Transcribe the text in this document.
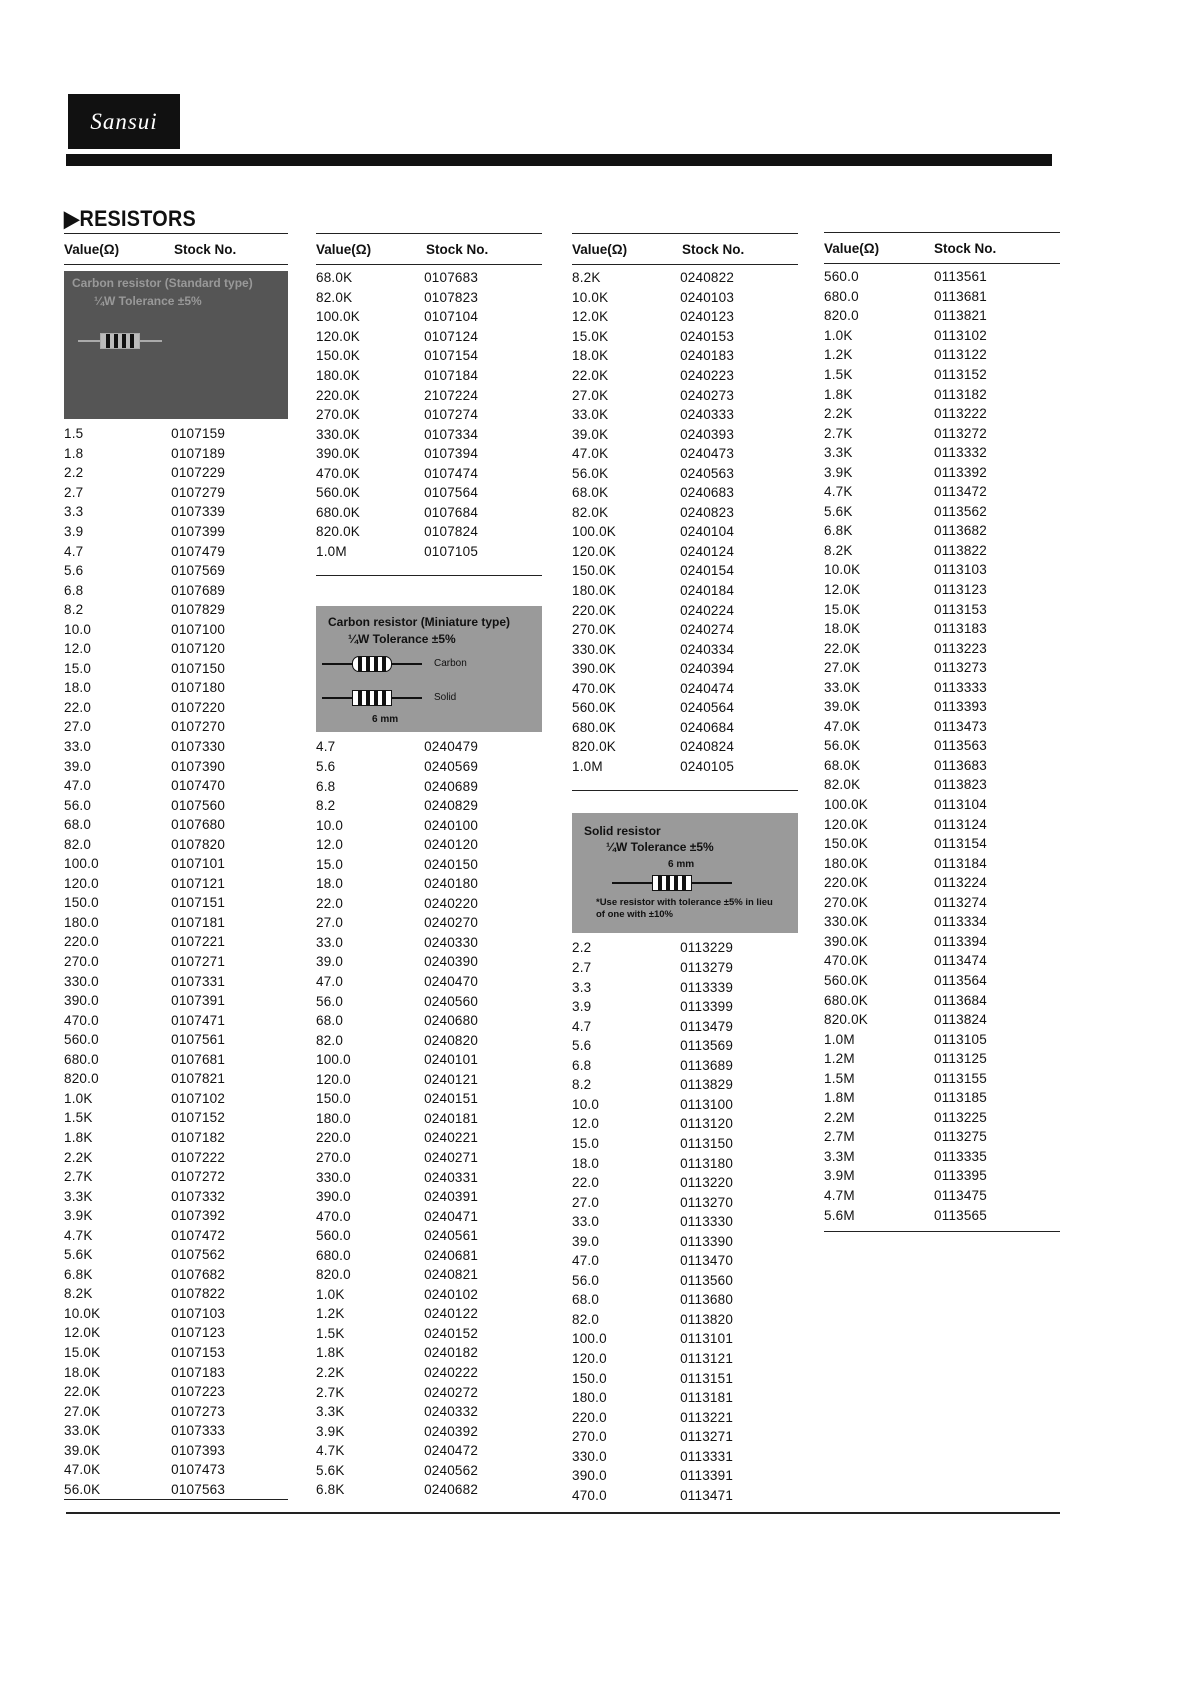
Sansui
▶RESISTORS
Value(Ω)	Stock No.
Carbon resistor (Standard type)
¼W Tolerance ±5%
1.5	0107159
1.8	0107189
2.2	0107229
2.7	0107279
3.3	0107339
3.9	0107399
4.7	0107479
5.6	0107569
6.8	0107689
8.2	0107829
10.0	0107100
12.0	0107120
15.0	0107150
18.0	0107180
22.0	0107220
27.0	0107270
33.0	0107330
39.0	0107390
47.0	0107470
56.0	0107560
68.0	0107680
82.0	0107820
100.0	0107101
120.0	0107121
150.0	0107151
180.0	0107181
220.0	0107221
270.0	0107271
330.0	0107331
390.0	0107391
470.0	0107471
560.0	0107561
680.0	0107681
820.0	0107821
1.0K	0107102
1.5K	0107152
1.8K	0107182
2.2K	0107222
2.7K	0107272
3.3K	0107332
3.9K	0107392
4.7K	0107472
5.6K	0107562
6.8K	0107682
8.2K	0107822
10.0K	0107103
12.0K	0107123
15.0K	0107153
18.0K	0107183
22.0K	0107223
27.0K	0107273
33.0K	0107333
39.0K	0107393
47.0K	0107473
56.0K	0107563
Value(Ω)	Stock No.
68.0K	0107683
82.0K	0107823
100.0K	0107104
120.0K	0107124
150.0K	0107154
180.0K	0107184
220.0K	2107224
270.0K	0107274
330.0K	0107334
390.0K	0107394
470.0K	0107474
560.0K	0107564
680.0K	0107684
820.0K	0107824
1.0M	0107105
Carbon resistor (Miniature type)
¼W Tolerance ±5%
Carbon
Solid
6 mm
4.7	0240479
5.6	0240569
6.8	0240689
8.2	0240829
10.0	0240100
12.0	0240120
15.0	0240150
18.0	0240180
22.0	0240220
27.0	0240270
33.0	0240330
39.0	0240390
47.0	0240470
56.0	0240560
68.0	0240680
82.0	0240820
100.0	0240101
120.0	0240121
150.0	0240151
180.0	0240181
220.0	0240221
270.0	0240271
330.0	0240331
390.0	0240391
470.0	0240471
560.0	0240561
680.0	0240681
820.0	0240821
1.0K	0240102
1.2K	0240122
1.5K	0240152
1.8K	0240182
2.2K	0240222
2.7K	0240272
3.3K	0240332
3.9K	0240392
4.7K	0240472
5.6K	0240562
6.8K	0240682
Value(Ω)	Stock No.
8.2K	0240822
10.0K	0240103
12.0K	0240123
15.0K	0240153
18.0K	0240183
22.0K	0240223
27.0K	0240273
33.0K	0240333
39.0K	0240393
47.0K	0240473
56.0K	0240563
68.0K	0240683
82.0K	0240823
100.0K	0240104
120.0K	0240124
150.0K	0240154
180.0K	0240184
220.0K	0240224
270.0K	0240274
330.0K	0240334
390.0K	0240394
470.0K	0240474
560.0K	0240564
680.0K	0240684
820.0K	0240824
1.0M	0240105
Solid resistor
¼W Tolerance ±5%
6 mm
*Use resistor with tolerance ±5% in lieu of one with ±10%
2.2	0113229
2.7	0113279
3.3	0113339
3.9	0113399
4.7	0113479
5.6	0113569
6.8	0113689
8.2	0113829
10.0	0113100
12.0	0113120
15.0	0113150
18.0	0113180
22.0	0113220
27.0	0113270
33.0	0113330
39.0	0113390
47.0	0113470
56.0	0113560
68.0	0113680
82.0	0113820
100.0	0113101
120.0	0113121
150.0	0113151
180.0	0113181
220.0	0113221
270.0	0113271
330.0	0113331
390.0	0113391
470.0	0113471
Value(Ω)	Stock No.
560.0	0113561
680.0	0113681
820.0	0113821
1.0K	0113102
1.2K	0113122
1.5K	0113152
1.8K	0113182
2.2K	0113222
2.7K	0113272
3.3K	0113332
3.9K	0113392
4.7K	0113472
5.6K	0113562
6.8K	0113682
8.2K	0113822
10.0K	0113103
12.0K	0113123
15.0K	0113153
18.0K	0113183
22.0K	0113223
27.0K	0113273
33.0K	0113333
39.0K	0113393
47.0K	0113473
56.0K	0113563
68.0K	0113683
82.0K	0113823
100.0K	0113104
120.0K	0113124
150.0K	0113154
180.0K	0113184
220.0K	0113224
270.0K	0113274
330.0K	0113334
390.0K	0113394
470.0K	0113474
560.0K	0113564
680.0K	0113684
820.0K	0113824
1.0M	0113105
1.2M	0113125
1.5M	0113155
1.8M	0113185
2.2M	0113225
2.7M	0113275
3.3M	0113335
3.9M	0113395
4.7M	0113475
5.6M	0113565
